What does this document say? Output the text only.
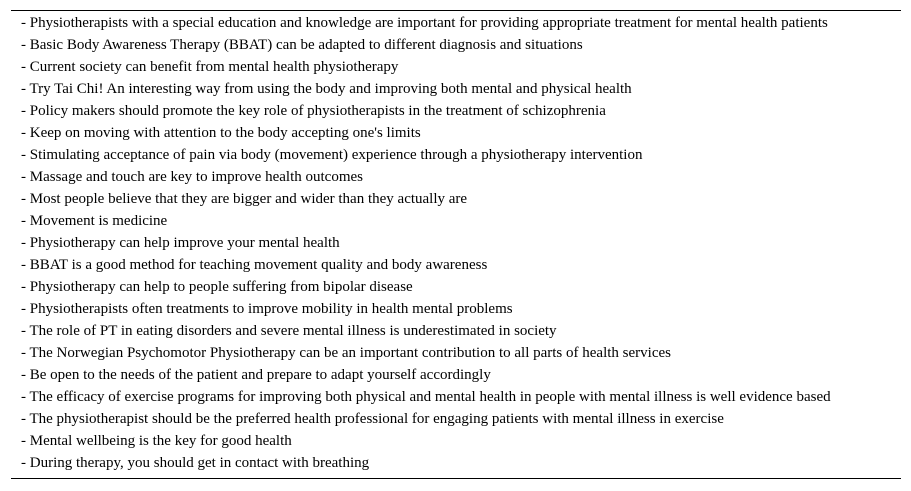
- Physiotherapists with a special education and knowledge are important for providing appropriate treatment for mental health patients
- Basic Body Awareness Therapy (BBAT) can be adapted to different diagnosis and situations
- Current society can benefit from mental health physiotherapy
- Try Tai Chi! An interesting way from using the body and improving both mental and physical health
- Policy makers should promote the key role of physiotherapists in the treatment of schizophrenia
- Keep on moving with attention to the body accepting one's limits
- Stimulating acceptance of pain via body (movement) experience through a physiotherapy intervention
- Massage and touch are key to improve health outcomes
- Most people believe that they are bigger and wider than they actually are
- Movement is medicine
- Physiotherapy can help improve your mental health
- BBAT is a good method for teaching movement quality and body awareness
- Physiotherapy can help to people suffering from bipolar disease
- Physiotherapists often treatments to improve mobility in health mental problems
- The role of PT in eating disorders and severe mental illness is underestimated in society
- The Norwegian Psychomotor Physiotherapy can be an important contribution to all parts of health services
- Be open to the needs of the patient and prepare to adapt yourself accordingly
- The efficacy of exercise programs for improving both physical and mental health in people with mental illness is well evidence based
- The physiotherapist should be the preferred health professional for engaging patients with mental illness in exercise
- Mental wellbeing is the key for good health
- During therapy, you should get in contact with breathing
